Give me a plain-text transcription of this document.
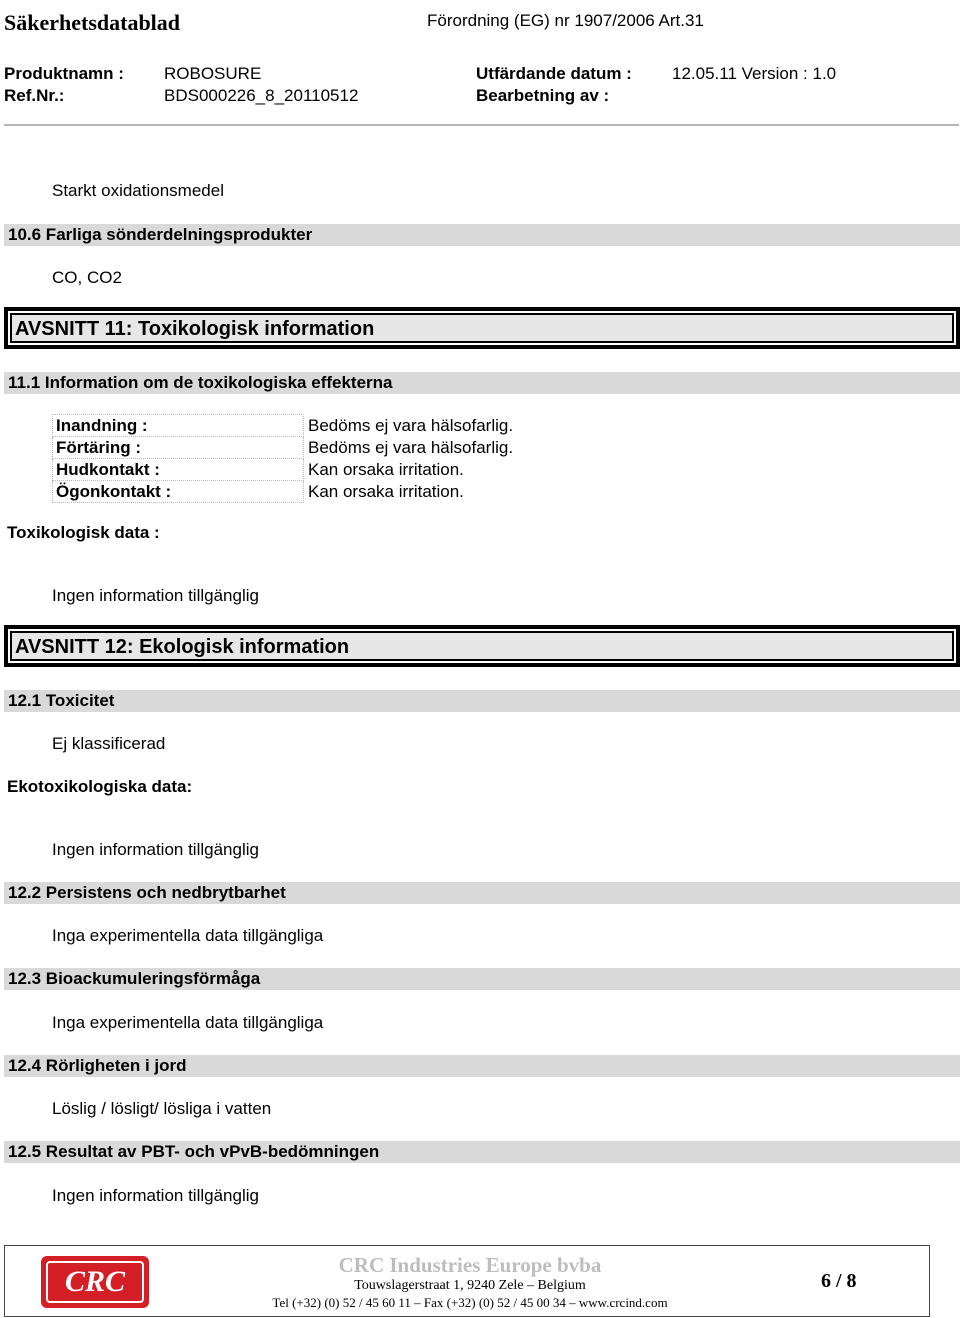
Säkerhetsdatablad	Förordning (EG) nr 1907/2006 Art.31
Produktnamn : ROBOSURE	Utfärdande datum : 12.05.11 Version : 1.0
Ref.Nr.:	BDS000226_8_20110512	Bearbetning av :
Starkt oxidationsmedel
10.6 Farliga sönderdelningsprodukter
CO, CO2
AVSNITT 11: Toxikologisk information
11.1 Information om de toxikologiska effekterna
Inandning :	Bedöms ej vara hälsofarlig.
Förtäring :	Bedöms ej vara hälsofarlig.
Hudkontakt :	Kan orsaka irritation.
Ögonkontakt :	Kan orsaka irritation.
Toxikologisk data :
Ingen information tillgänglig
AVSNITT 12: Ekologisk information
12.1 Toxicitet
Ej klassificerad
Ekotoxikologiska data:
Ingen information tillgänglig
12.2 Persistens och nedbrytbarhet
Inga experimentella data tillgängliga
12.3 Bioackumuleringsförmåga
Inga experimentella data tillgängliga
12.4 Rörligheten i jord
Löslig / lösligt/ lösliga i vatten
12.5 Resultat av PBT- och vPvB-bedömningen
Ingen information tillgänglig
CRC	CRC Industries Europe bvba
Touwslagerstraat 1, 9240 Zele – Belgium
Tel (+32) (0) 52 / 45 60 11 – Fax (+32) (0) 52 / 45 00 34 – www.crcind.com
6 / 8
